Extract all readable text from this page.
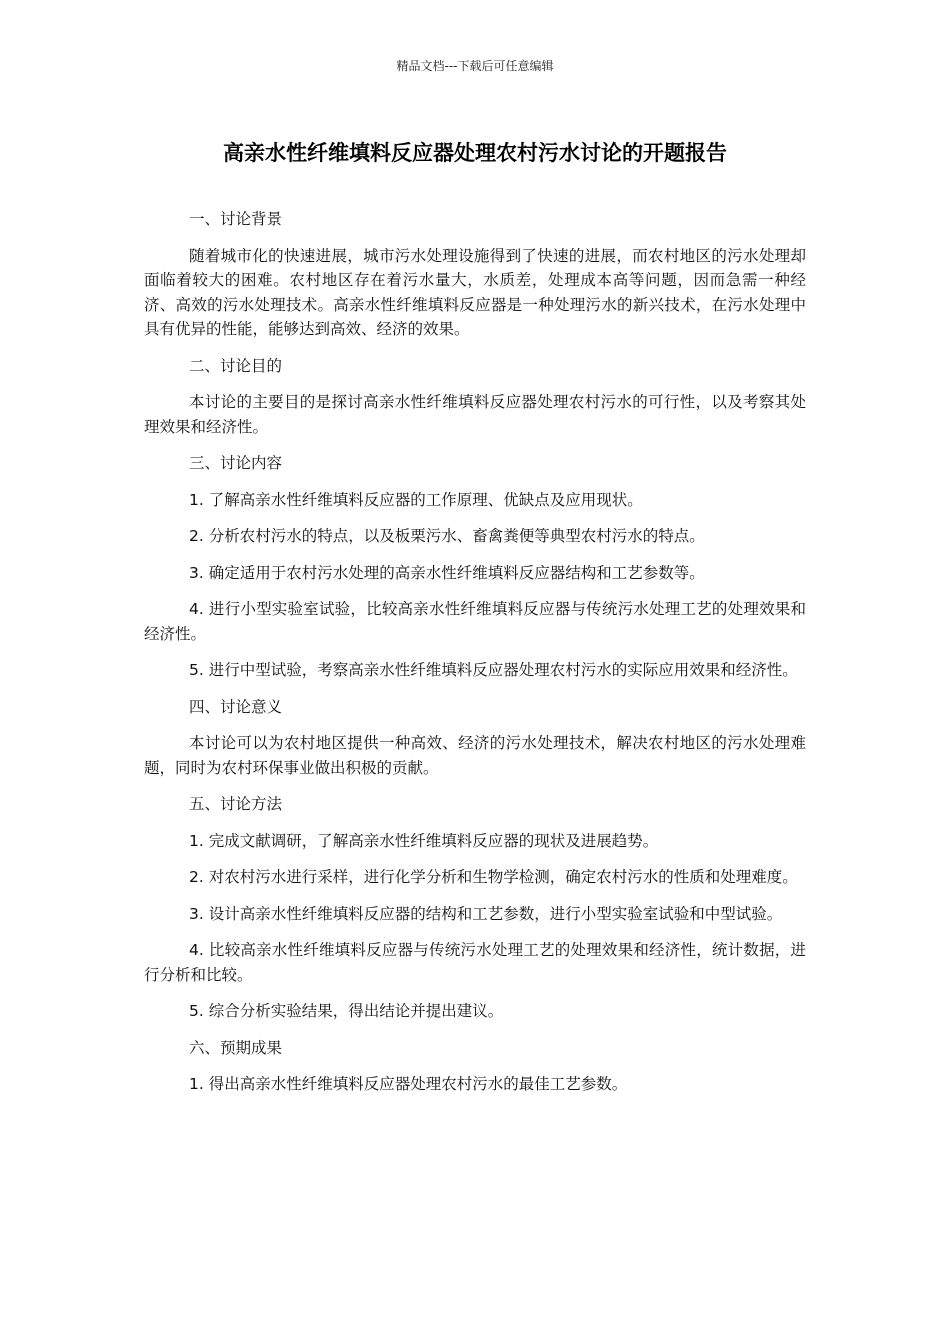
精品文档---下载后可任意编辑
高亲水性纤维填料反应器处理农村污水讨论的开题报告

一、讨论背景

随着城市化的快速进展，城市污水处理设施得到了快速的进展，而农村地区的污水处理却面临着较大的困难。农村地区存在着污水量大，水质差，处理成本高等问题，因而急需一种经济、高效的污水处理技术。高亲水性纤维填料反应器是一种处理污水的新兴技术，在污水处理中具有优异的性能，能够达到高效、经济的效果。

二、讨论目的

本讨论的主要目的是探讨高亲水性纤维填料反应器处理农村污水的可行性，以及考察其处理效果和经济性。

三、讨论内容

1. 了解高亲水性纤维填料反应器的工作原理、优缺点及应用现状。

2. 分析农村污水的特点，以及板栗污水、畜禽粪便等典型农村污水的特点。

3. 确定适用于农村污水处理的高亲水性纤维填料反应器结构和工艺参数等。

4. 进行小型实验室试验，比较高亲水性纤维填料反应器与传统污水处理工艺的处理效果和经济性。

5. 进行中型试验，考察高亲水性纤维填料反应器处理农村污水的实际应用效果和经济性。

四、讨论意义

本讨论可以为农村地区提供一种高效、经济的污水处理技术，解决农村地区的污水处理难题，同时为农村环保事业做出积极的贡献。

五、讨论方法

1. 完成文献调研，了解高亲水性纤维填料反应器的现状及进展趋势。

2. 对农村污水进行采样，进行化学分析和生物学检测，确定农村污水的性质和处理难度。

3. 设计高亲水性纤维填料反应器的结构和工艺参数，进行小型实验室试验和中型试验。

4. 比较高亲水性纤维填料反应器与传统污水处理工艺的处理效果和经济性，统计数据，进行分析和比较。

5. 综合分析实验结果，得出结论并提出建议。

六、预期成果

1. 得出高亲水性纤维填料反应器处理农村污水的最佳工艺参数。
